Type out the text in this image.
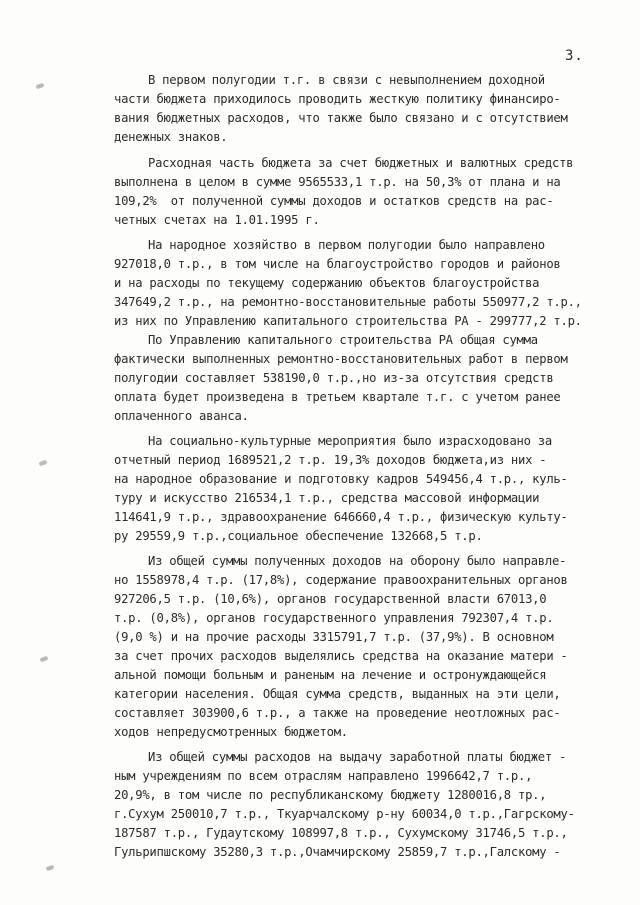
3.
В первом полугодии т.г. в связи с невыполнением доходной
части бюджета приходилось проводить жесткую политику финансиро-
вания бюджетных расходов, что также было связано и с отсутствием
денежных знаков.
Расходная часть бюджета за счет бюджетных и валютных средств
выполнена в целом в сумме 9565533,1 т.р. на 50,3% от плана и на
109,2%  от полученной суммы доходов и остатков средств на рас-
четных счетах на 1.01.1995 г.
На народное хозяйство в первом полугодии было направлено
927018,0 т.р., в том числе на благоустройство городов и районов
и на расходы по текущему содержанию объектов благоустройства
347649,2 т.р., на ремонтно-восстановительные работы 550977,2 т.р.,
из них по Управлению капитального строительства РА - 299777,2 т.р.
По Управлению капитального строительства РА общая сумма
фактически выполненных ремонтно-восстановительных работ в первом
полугодии составляет 538190,0 т.р.,но из-за отсутствия средств
оплата будет произведена в третьем квартале т.г. с учетом ранее
оплаченного аванса.
На социально-культурные мероприятия было израсходовано за
отчетный период 1689521,2 т.р. 19,3% доходов бюджета,из них -
на народное образование и подготовку кадров 549456,4 т.р., куль-
туру и искусство 216534,1 т.р., средства массовой информации
114641,9 т.р., здравоохранение 646660,4 т.р., физическую культу-
ру 29559,9 т.р.,социальное обеспечение 132668,5 т.р.
Из общей суммы полученных доходов на оборону было направле-
но 1558978,4 т.р. (17,8%), содержание правоохранительных органов
927206,5 т.р. (10,6%), органов государственной власти 67013,0
т.р. (0,8%), органов государственного управления 792307,4 т.р.
(9,0 %) и на прочие расходы 3315791,7 т.р. (37,9%). В основном
за счет прочих расходов выделялись средства на оказание матери -
альной помощи больным и раненым на лечение и остронуждающейся
категории населения. Общая сумма средств, выданных на эти цели,
составляет 303900,6 т.р., а также на проведение неотложных рас-
ходов непредусмотренных бюджетом.
Из общей суммы расходов на выдачу заработной платы бюджет -
ным учреждениям по всем отраслям направлено 1996642,7 т.р.,
20,9%, в том числе по республиканскому бюджету 1280016,8 тр.,
г.Сухум 250010,7 т.р., Ткуарчалскому р-ну 60034,0 т.р.,Гагрскому-
187587 т.р., Гудаутскому 108997,8 т.р., Сухумскому 31746,5 т.р.,
Гульрипшскому 35280,3 т.р.,Очамчирскому 25859,7 т.р.,Галскому -
